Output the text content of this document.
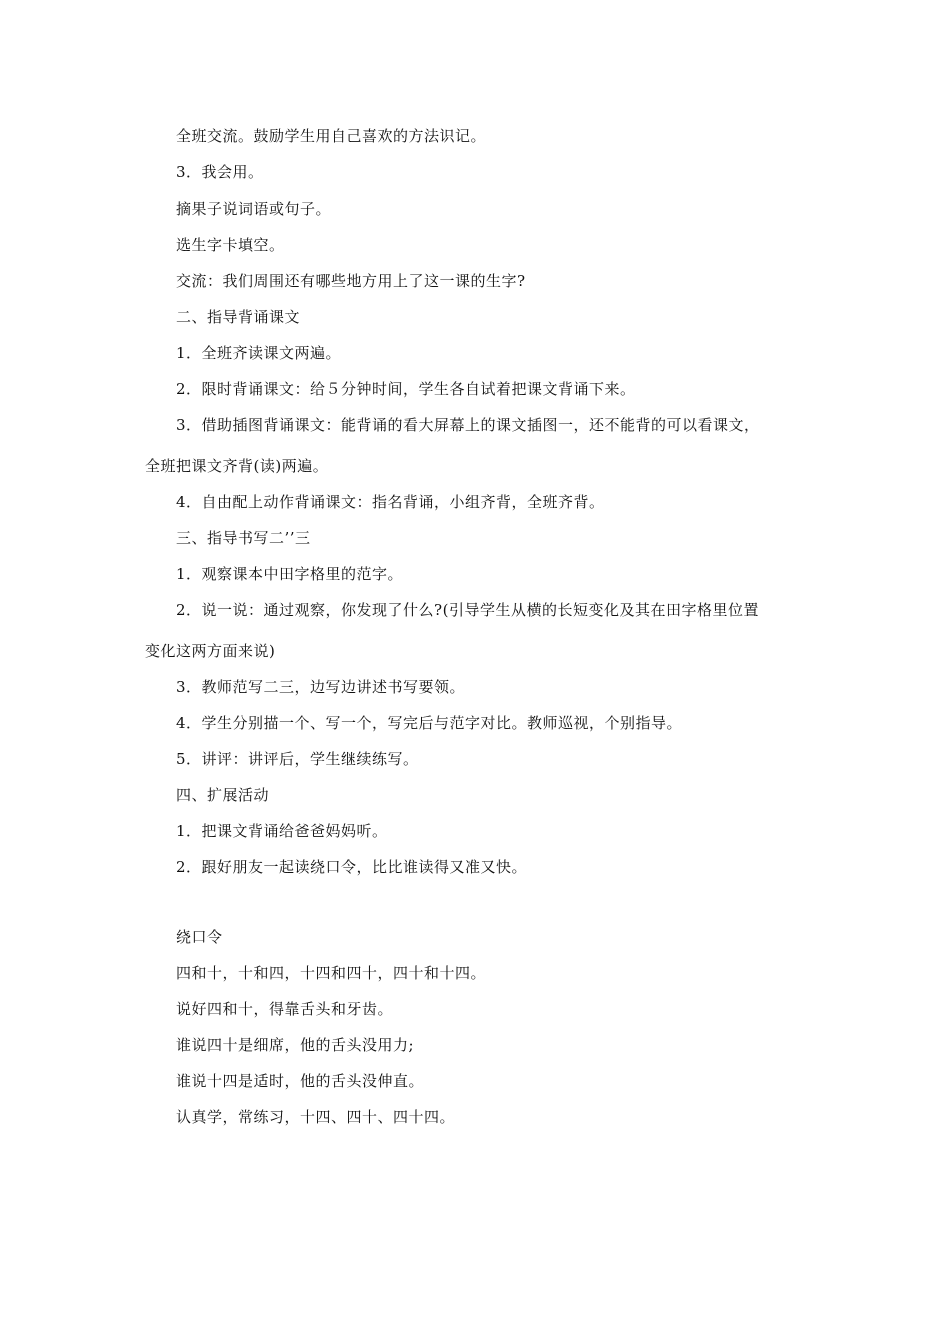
全班交流。鼓励学生用自己喜欢的方法识记。
3．我会用。
摘果子说词语或句子。
选生字卡填空。
交流：我们周围还有哪些地方用上了这一课的生字?
二、指导背诵课文
1．全班齐读课文两遍。
2．限时背诵课文：给５分钟时间，学生各自试着把课文背诵下来。
3．借助插图背诵课文：能背诵的看大屏幕上的课文插图一，还不能背的可以看课文，
全班把课文齐背(读)两遍。
4．自由配上动作背诵课文：指名背诵，小组齐背，全班齐背。
三、指导书写二’’三
1．观察课本中田字格里的范字。
2．说一说：通过观察，你发现了什么?(引导学生从横的长短变化及其在田字格里位置
变化这两方面来说)
3．教师范写二三，边写边讲述书写要领。
4．学生分别描一个、写一个，写完后与范字对比。教师巡视，个别指导。
5．讲评：讲评后，学生继续练写。
四、扩展活动
1．把课文背诵给爸爸妈妈听。
2．跟好朋友一起读绕口令，比比谁读得又准又快。
绕口令
四和十，十和四，十四和四十，四十和十四。
说好四和十，得靠舌头和牙齿。
谁说四十是细席，他的舌头没用力;
谁说十四是适时，他的舌头没伸直。
认真学，常练习，十四、四十、四十四。
